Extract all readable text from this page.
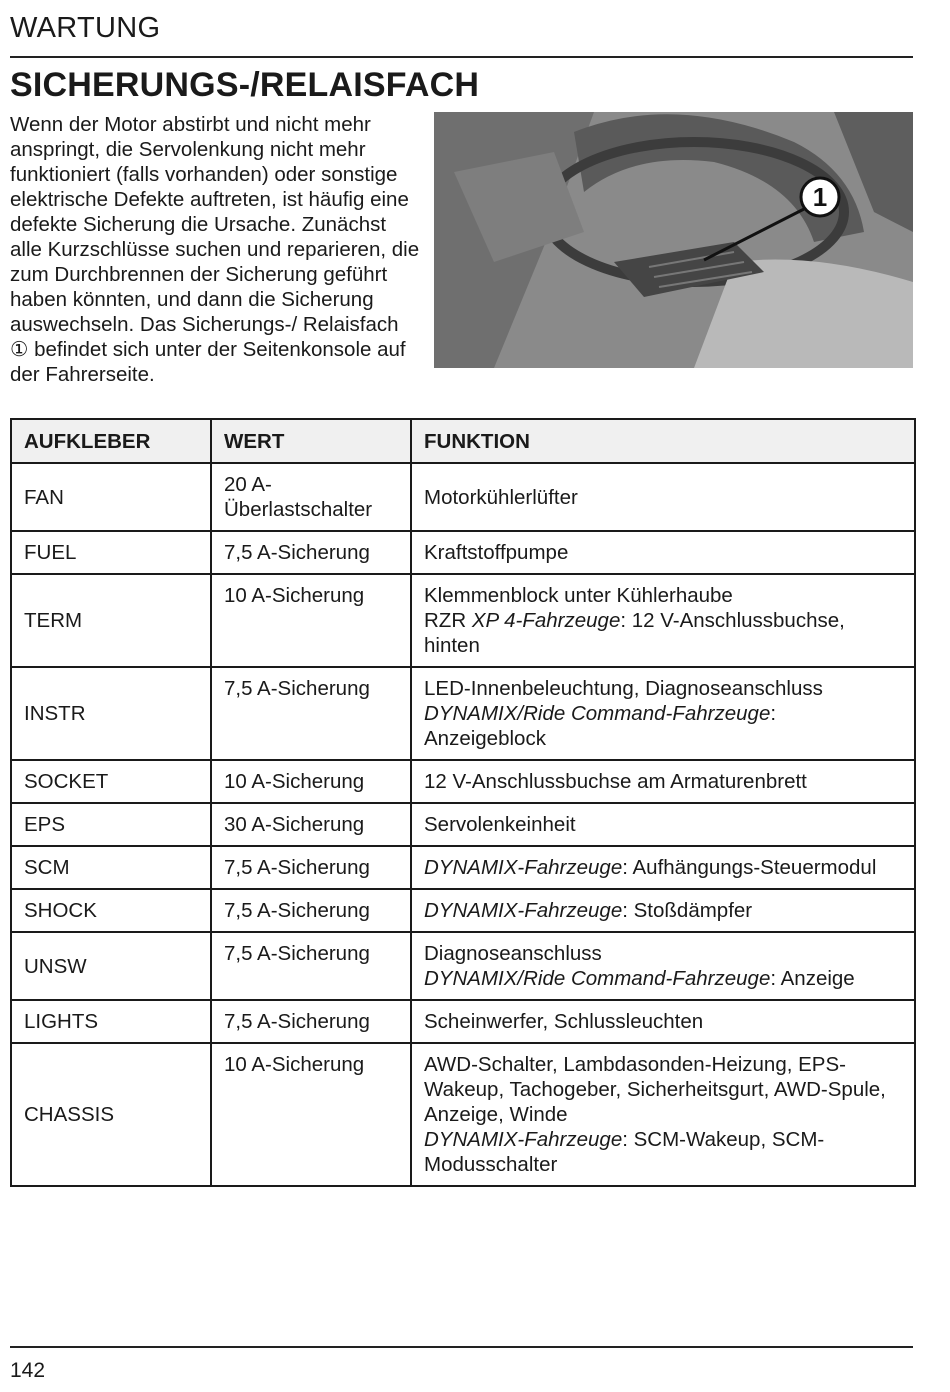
WARTUNG
SICHERUNGS-/RELAISFACH

Wenn der Motor abstirbt und nicht mehr anspringt, die Servolenkung nicht mehr funktioniert (falls vorhanden) oder sonstige elektrische Defekte auftreten, ist häufig eine defekte Sicherung die Ursache. Zunächst alle Kurzschlüsse suchen und reparieren, die zum Durchbrennen der Sicherung geführt haben könnten, und dann die Sicherung auswechseln. Das Sicherungs-/ Relaisfach ① befindet sich unter der Seitenkonsole auf der Fahrerseite.

1
AUFKLEBER	WERT	FUNKTION
FAN	20 A-Überlastschalter	Motorkühlerlüfter

FUEL	7,5 A-Sicherung	Kraftstoffpumpe

TERM	10 A-Sicherung	Klemmenblock unter Kühlerhaube
RZR XP 4-Fahrzeuge: 12 V-Anschlussbuchse, hinten

INSTR	7,5 A-Sicherung	LED-Innenbeleuchtung, Diagnoseanschluss
DYNAMIX/Ride Command-Fahrzeuge: Anzeigeblock

SOCKET	10 A-Sicherung	12 V-Anschlussbuchse am Armaturenbrett

EPS	30 A-Sicherung	Servolenkeinheit

SCM	7,5 A-Sicherung	DYNAMIX-Fahrzeuge: Aufhängungs-Steuermodul

SHOCK	7,5 A-Sicherung	DYNAMIX-Fahrzeuge: Stoßdämpfer

UNSW	7,5 A-Sicherung	Diagnoseanschluss
DYNAMIX/Ride Command-Fahrzeuge: Anzeige

LIGHTS	7,5 A-Sicherung	Scheinwerfer, Schlussleuchten

CHASSIS	10 A-Sicherung	AWD-Schalter, Lambdasonden-Heizung, EPS-Wakeup, Tachogeber, Sicherheitsgurt, AWD-Spule, Anzeige, Winde
DYNAMIX-Fahrzeuge: SCM-Wakeup, SCM-Modusschalter
142
